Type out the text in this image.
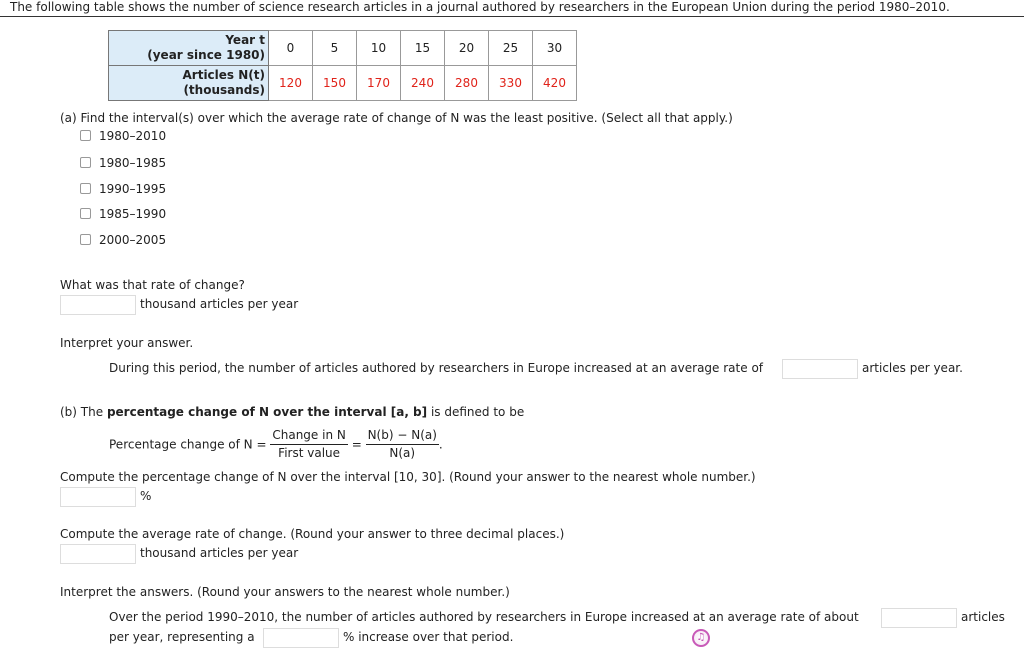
The following table shows the number of science research articles in a journal authored by researchers in the European Union during the period 1980–2010.
Year t
(year since 1980)	0	5	10	15	20	25	30

Articles N(t)
(thousands)	120	150	170	240	280	330	420
(a) Find the interval(s) over which the average rate of change of N was the least positive. (Select all that apply.)
1980–2010
1980–1985
1990–1995
1985–1990
2000–2005
What was that rate of change?
thousand articles per year
Interpret your answer.
During this period, the number of articles authored by researchers in Europe increased at an average rate of	articles per year.
(b) The percentage change of N over the interval [a, b] is defined to be
Percentage change of $N = \frac{\text{Change in N}}{\text{First value}} = \frac{N(b) - N(a)}{N(a)}$ .
Compute the percentage change of N over the interval [10, 30]. (Round your answer to the nearest whole number.)
%
Compute the average rate of change. (Round your answer to three decimal places.)
thousand articles per year
Interpret the answers. (Round your answers to the nearest whole number.)
Over the period 1990–2010, the number of articles authored by researchers in Europe increased at an average rate of about	articles
per year, representing a	% increase over that period.	♫
